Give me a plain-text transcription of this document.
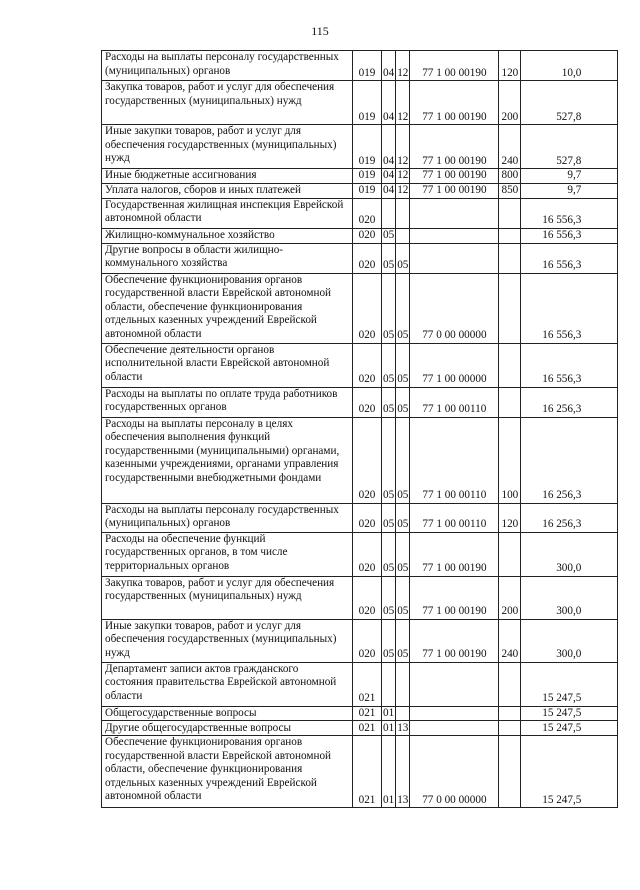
115
Расходы на выплаты персоналу государственных (муниципальных) органов	019	04	12	77 1 00 00190	120	10,0
Закупка товаров, работ и услуг для обеспечения государственных (муниципальных) нужд	019	04	12	77 1 00 00190	200	527,8
Иные закупки товаров, работ и услуг для обеспечения государственных (муниципальных) нужд	019	04	12	77 1 00 00190	240	527,8
Иные бюджетные ассигнования	019	04	12	77 1 00 00190	800	9,7
Уплата налогов, сборов и иных платежей	019	04	12	77 1 00 00190	850	9,7
Государственная жилищная инспекция Еврейской автономной области	020					16 556,3
Жилищно-коммунальное хозяйство	020	05				16 556,3
Другие вопросы в области жилищно-коммунального хозяйства	020	05	05			16 556,3
Обеспечение функционирования органов государственной власти Еврейской автономной области, обеспечение функционирования отдельных казенных учреждений Еврейской автономной области	020	05	05	77 0 00 00000		16 556,3
Обеспечение деятельности органов исполнительной власти Еврейской автономной области	020	05	05	77 1 00 00000		16 556,3
Расходы на выплаты по оплате труда работников государственных органов	020	05	05	77 1 00 00110		16 256,3
Расходы на выплаты персоналу в целях обеспечения выполнения функций государственными (муниципальными) органами, казенными учреждениями, органами управления государственными внебюджетными фондами	020	05	05	77 1 00 00110	100	16 256,3
Расходы на выплаты персоналу государственных (муниципальных) органов	020	05	05	77 1 00 00110	120	16 256,3
Расходы на обеспечение функций государственных органов, в том числе территориальных органов	020	05	05	77 1 00 00190		300,0
Закупка товаров, работ и услуг для обеспечения государственных (муниципальных) нужд	020	05	05	77 1 00 00190	200	300,0
Иные закупки товаров, работ и услуг для обеспечения государственных (муниципальных) нужд	020	05	05	77 1 00 00190	240	300,0
Департамент записи актов гражданского состояния правительства Еврейской автономной области	021					15 247,5
Общегосударственные вопросы	021	01				15 247,5
Другие общегосударственные вопросы	021	01	13			15 247,5
Обеспечение функционирования органов государственной власти Еврейской автономной области, обеспечение функционирования отдельных казенных учреждений Еврейской автономной области	021	01	13	77 0 00 00000		15 247,5
